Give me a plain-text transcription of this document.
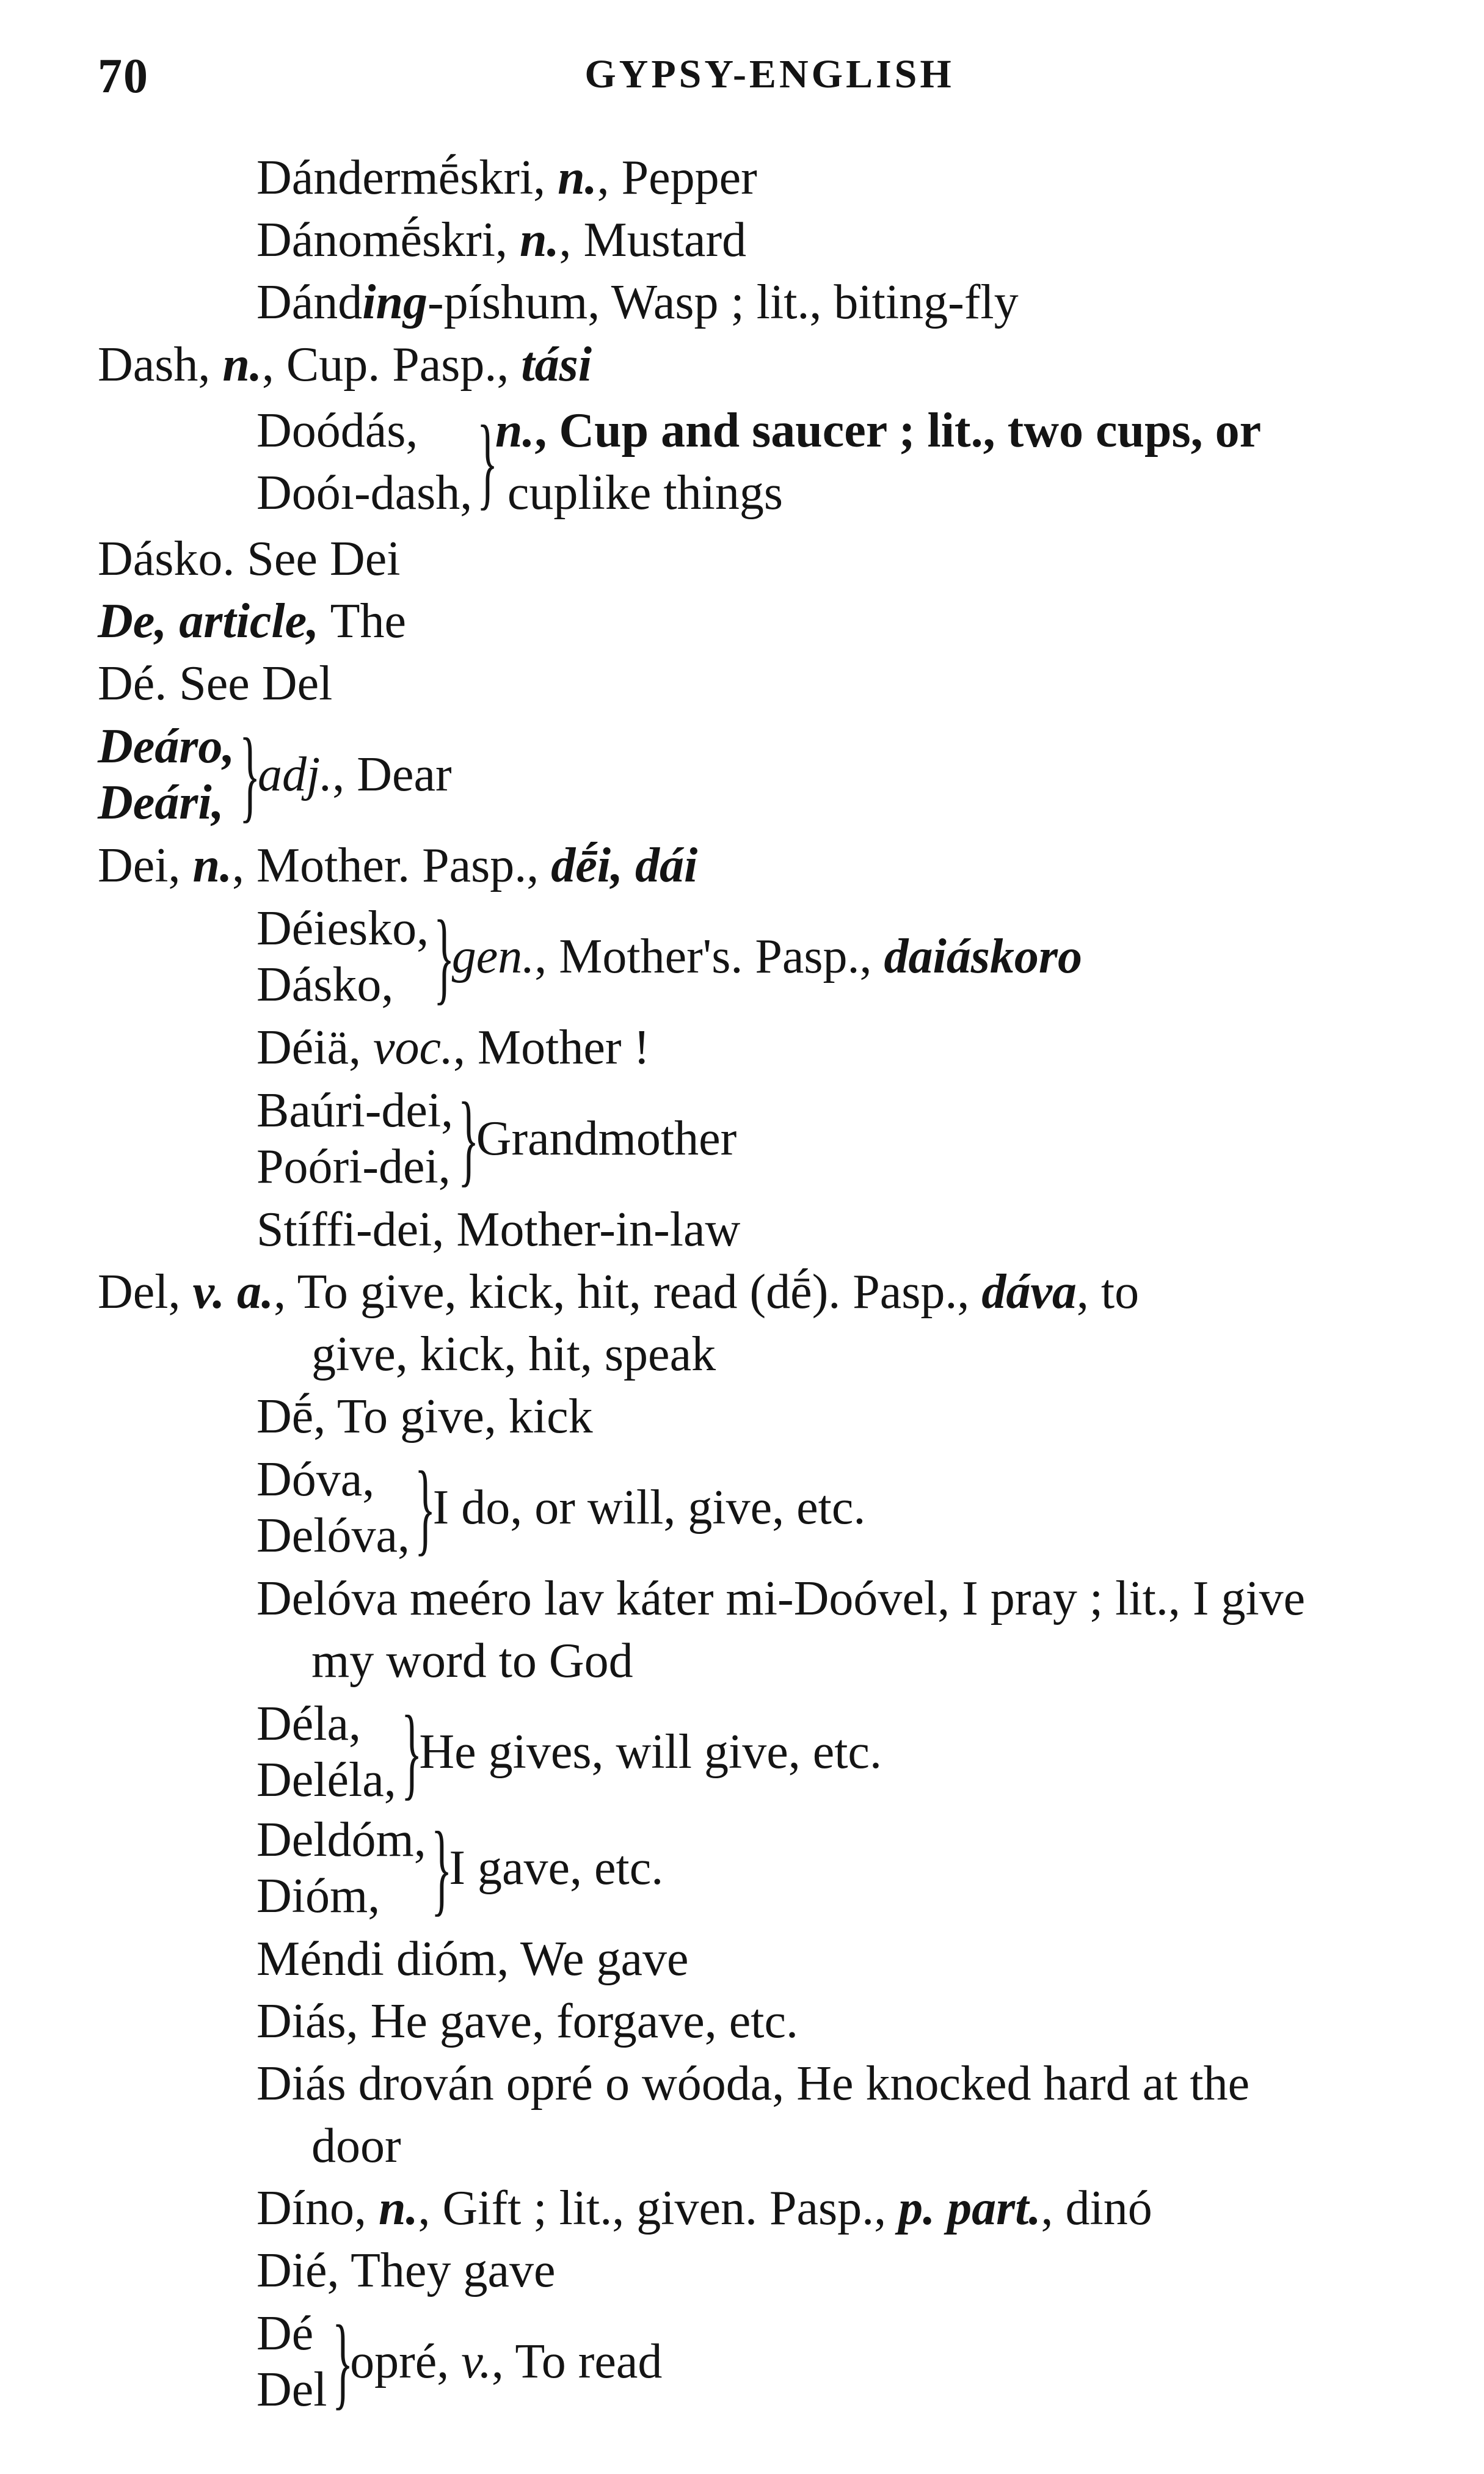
70	GYPSY-ENGLISH
Dándermḗskri, n., Pepper
Dánomḗskri, n., Mustard
Dánding-píshum, Wasp ; lit., biting-fly
Dash, n., Cup. Pasp., tási
Doódás,
Doóı-dash, }
n., Cup and saucer ; lit., two cups, or
cuplike things
Dásko. See Dei
De, article, The
Dé. See Del
Deáro,
Deári, }
adj., Dear
Dei, n., Mother. Pasp., dḗi, dái
Déiesko,
Dásko, }
gen., Mother's. Pasp., daiáskoro
Déiä, voc., Mother !
Baúri-dei,
Poóri-dei, }
Grandmother
Stíffi-dei, Mother-in-law
Del, v. a., To give, kick, hit, read (dḗ). Pasp., dáva, to
give, kick, hit, speak
Dḗ, To give, kick
Dóva,
Delóva, }
I do, or will, give, etc.
Delóva meéro lav káter mi-Doóvel, I pray ; lit., I give
my word to God
Déla,
Deléla, }
He gives, will give, etc.
Deldóm,
Dióm, }
I gave, etc.
Méndi dióm, We gave
Diás, He gave, forgave, etc.
Diás drován opré o wóoda, He knocked hard at the
door
Díno, n., Gift ; lit., given. Pasp., p. part., dinó
Dié, They gave
Dé
Del }
opré, v., To read
